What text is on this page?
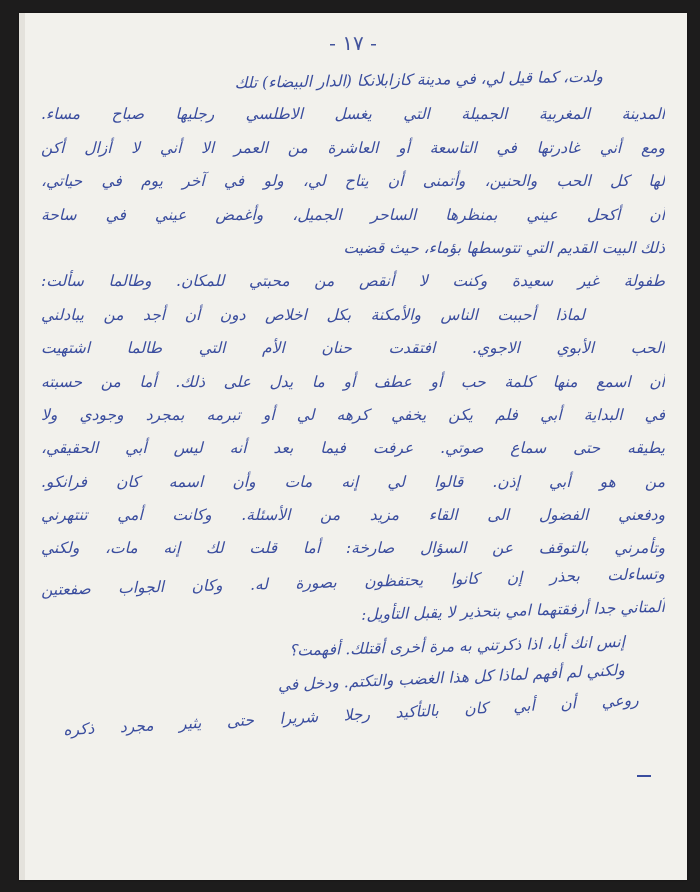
- ١٧ -
ولدت، كما قيل لي، في مدينة كازابلانكا (الدار البيضاء) تلك
المدينة المغربية الجميلة التي يغسل الاطلسي رجليها صباح مساء.
ومع أني غادرتها في التاسعة أو العاشرة من العمر الا أني لا أزال أكن
لها كل الحب والحنين، وأتمنى أن يتاح لي، ولو في آخر يوم في حياتي،
أن أكحل عيني بمنظرها الساحر الجميل، وأغمض عيني في ساحة
ذلك البيت القديم التي تتوسطها بؤماء، حيث قضيت
طفولة غير سعيدة وكنت لا أنقص من محبتي للمكان. وطالما سألت:
لماذا أحببت الناس والأمكنة بكل اخلاص دون أن أجد من يبادلني
الحب الأبوي الاجوي. افتقدت حنان الأم التي طالما اشتهيت
أن اسمع منها كلمة حب أو عطف أو ما يدل على ذلك. أما من حسبته
في البداية أبي فلم يكن يخفي كرهه لي أو تبرمه بمجرد وجودي ولا
يطيقه حتى سماع صوتي. عرفت فيما بعد أنه ليس أبي الحقيقي،
من هو أبي إذن. قالوا لي إنه مات وأن اسمه كان فرانكو.
ودفعني الفضول الى القاء مزيد من الأسئلة. وكانت أمي تنتهرني
وتأمرني بالتوقف عن السؤال صارخة: أما قلت لك إنه مات، ولكني
وتساءلت بحذر إن كانوا يحتفظون بصورة له. وكان الجواب صفعتين
آلمتاني جدا أرفقتهما امي بتحذير لا يقبل التأويل:
إنس انك أبا، اذا ذكرتني به مرة أخرى أقتلك. أفهمت؟
ولكني لم أفهم لماذا كل هذا الغضب والتكتم. ودخل في
روعي أن أبي كان بالتأكيد رجلا شريرا حتى يثير مجرد ذكره
